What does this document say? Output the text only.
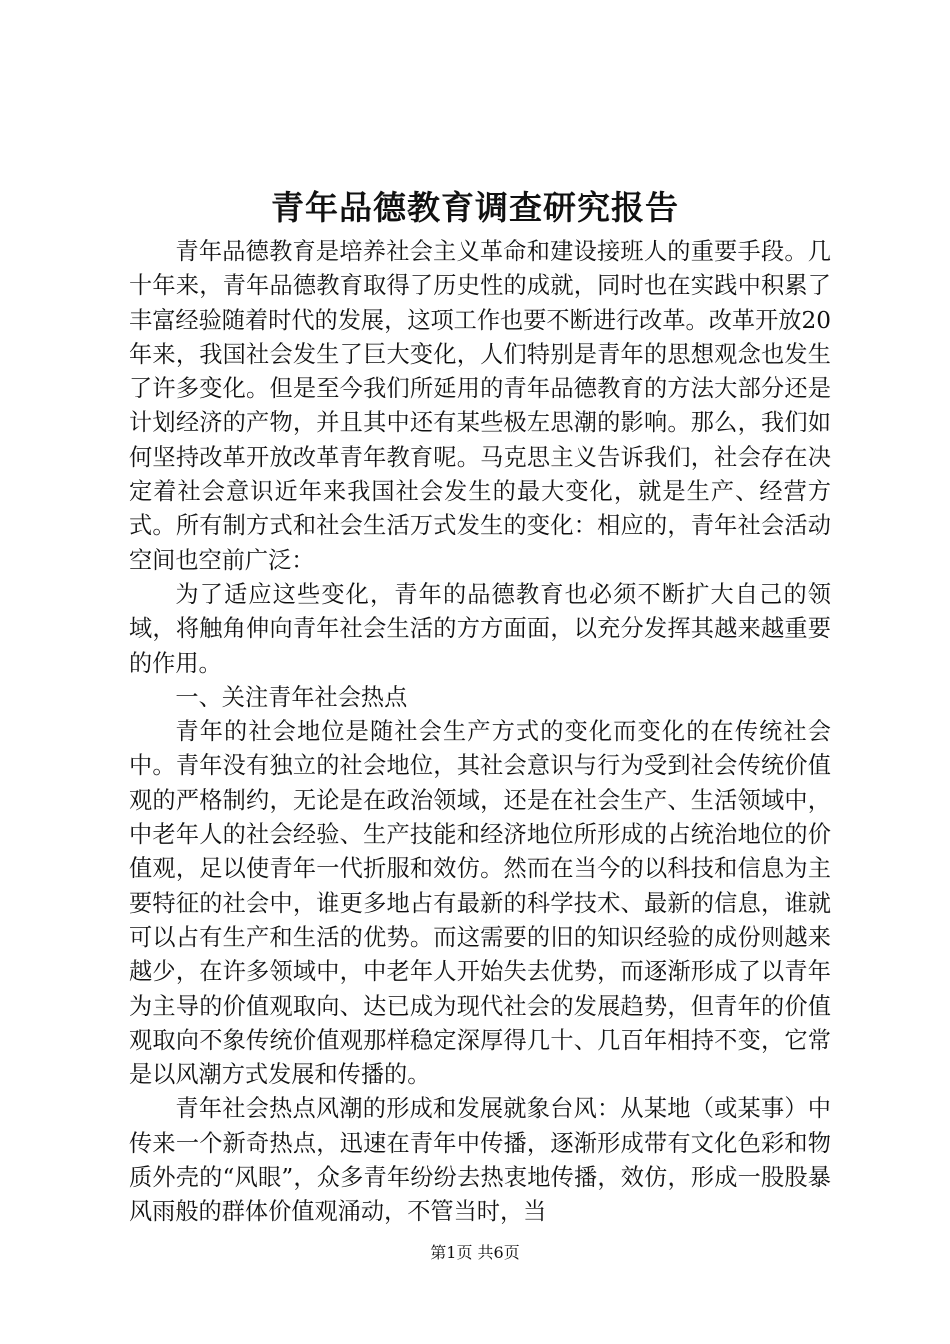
青年品德教育调查研究报告

青年品德教育是培养社会主义革命和建设接班人的重要手段。几十年来，青年品德教育取得了历史性的成就，同时也在实践中积累了丰富经验随着时代的发展，这项工作也要不断进行改革。改革开放20年来，我国社会发生了巨大变化，人们特别是青年的思想观念也发生了许多变化。但是至今我们所延用的青年品德教育的方法大部分还是计划经济的产物，并且其中还有某些极左思潮的影响。那么，我们如何坚持改革开放改革青年教育呢。马克思主义告诉我们，社会存在决定着社会意识近年来我国社会发生的最大变化，就是生产、经营方式。所有制方式和社会生活万式发生的变化：相应的，青年社会活动空间也空前广泛：

为了适应这些变化，青年的品德教育也必须不断扩大自己的领域，将触角伸向青年社会生活的方方面面，以充分发挥其越来越重要的作用。

一、关注青年社会热点

青年的社会地位是随社会生产方式的变化而变化的在传统社会中。青年没有独立的社会地位，其社会意识与行为受到社会传统价值观的严格制约，无论是在政治领域，还是在社会生产、生活领域中，中老年人的社会经验、生产技能和经济地位所形成的占统治地位的价值观，足以使青年一代折服和效仿。然而在当今的以科技和信息为主要特征的社会中，谁更多地占有最新的科学技术、最新的信息，谁就可以占有生产和生活的优势。而这需要的旧的知识经验的成份则越来越少，在许多领域中，中老年人开始失去优势，而逐渐形成了以青年为主导的价值观取向、达已成为现代社会的发展趋势，但青年的价值观取向不象传统价值观那样稳定深厚得几十、几百年相持不变，它常是以风潮方式发展和传播的。

青年社会热点风潮的形成和发展就象台风：从某地（或某事）中传来一个新奇热点，迅速在青年中传播，逐渐形成带有文化色彩和物质外壳的“风眼”，众多青年纷纷去热衷地传播，效仿，形成一股股暴风雨般的群体价值观涌动，不管当时，当

第1页 共6页
